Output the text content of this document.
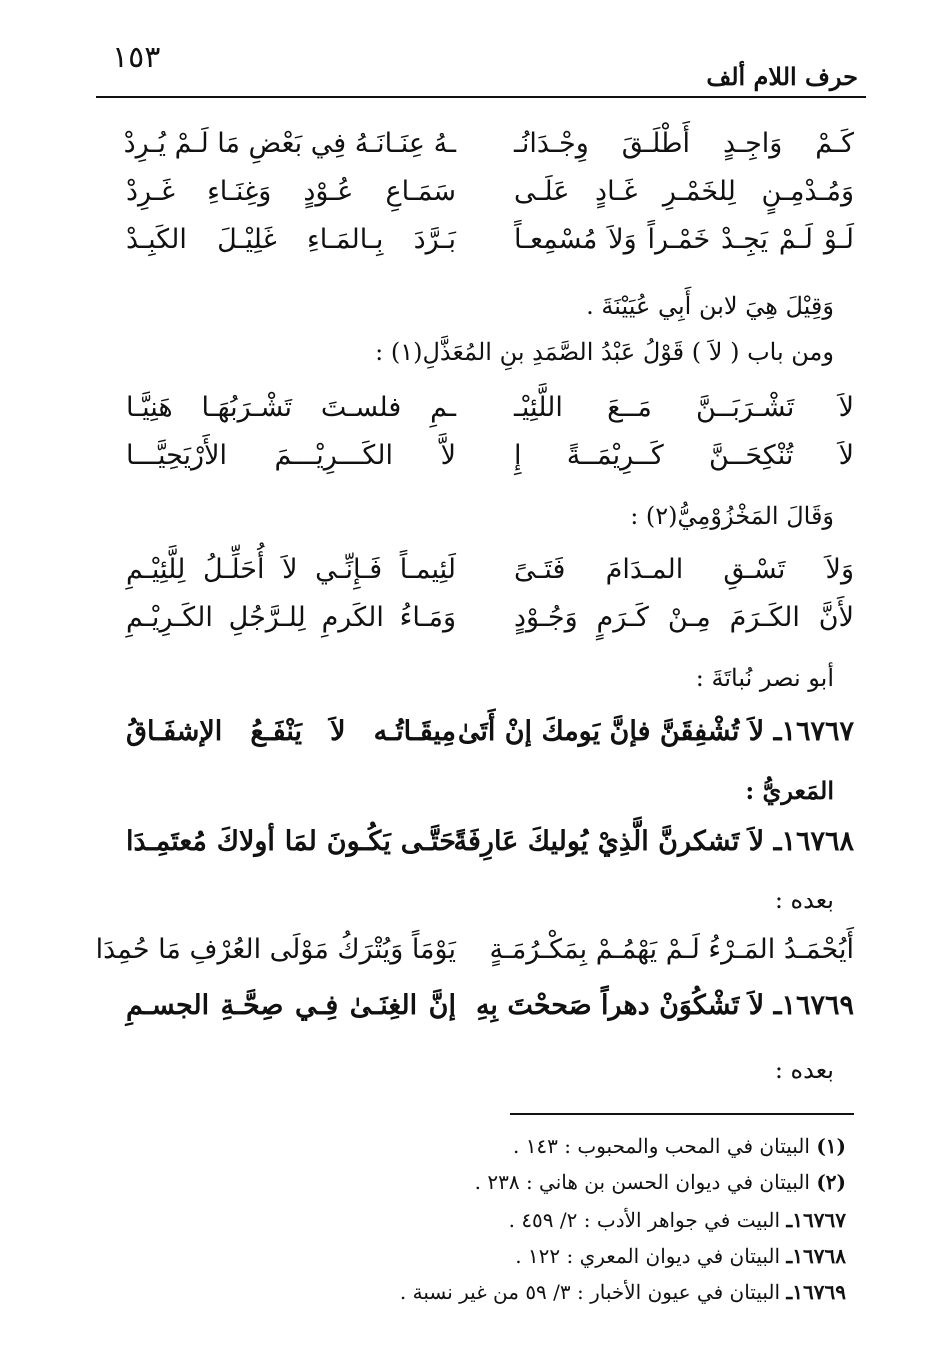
١٥٣
حرف اللام ألف
كَـمْ وَاجِـدٍ أَطْلَـقَ وِجْـدَانُـ
ـهُ عِنَـانَـهُ فِي بَعْضِ مَا لَـمْ يُـرِدْ
وَمُـدْمِـنٍ لِلخَمْـرِ غَـادٍ عَلَـى
سَمَـاعِ عُـوْدٍ وَغِنَـاءِ غَـرِدْ
لَـوْ لَـمْ يَجِـدْ خَمْـراً وَلاَ مُسْمِعـاً
بَـرَّدَ بِـالمَـاءِ غَلِيْـلَ الكَبِـدْ
وَقِيْلَ هِيَ لابن أَبِي عُيَيْنَةَ .
ومن باب ( لاَ ) قَوْلُ عَبْدُ الصَّمَدِ بنِ المُعَذَّلِ(١) :
لاَ تَشْـرَبَــنَّ مَــعَ اللَّئِيْـ
ـمِ فلسـتَ تَشْـرَبُهَـا هَنِيَّـا
لاَ تُنْكِحَــنَّ كَــرِيْمَــةً إِ
لاَّ الكَـــرِيْـــمَ الأَرْيَحِيَّـــا
وَقَالَ المَخْزُوْمِيُّ(٢) :
وَلاَ تَسْـقِ المـدَامَ فَتَـىً
لَئِيمـاً فَـإِنِّـي لاَ أُحَلِّـلُ لِلَّئِيْـمِ
لأَنَّ الكَـرَمَ مِـنْ كَـرَمٍ وَجُـوْدٍ
وَمَـاءُ الكَرمِ لِلـرَّجُلِ الكَـرِيْـمِ
أبو نصر نُباتَةَ :
١٦٧٦٧ـ لاَ تُشْفِقَنَّ فإنَّ يَومكَ إنْ أَتَىٰ
مِيقَـاتُـه لاَ يَنْفَـعُ الإشفَـاقُ
المَعريُّ :
١٦٧٦٨ـ لاَ تَشكرنَّ الَّذِيْ يُوليكَ عَارِفَةً
حَتَّـى يَكُـونَ لمَا أولاكَ مُعتَمِـدَا
بعده :
أَيُحْمَـدُ المَـرْءُ لَـمْ يَهْمُـمْ بِمَكْـرُمَـةٍ
يَوْمَاً وَيُتْرَكُ مَوْلَى العُرْفِ مَا حُمِدَا
١٦٧٦٩ـ لاَ تَشْكُوَنْ دهراً صَححْتَ بِهِ
إنَّ الغِنَـىٰ فِـي صِحَّـةِ الجسـمِ
بعده :
(١) البيتان في المحب والمحبوب : ١٤٣ .
(٢) البيتان في ديوان الحسن بن هاني : ٢٣٨ .
١٦٧٦٧ـ البيت في جواهر الأدب : ٢/ ٤٥٩ .
١٦٧٦٨ـ البيتان في ديوان المعري : ١٢٢ .
١٦٧٦٩ـ البيتان في عيون الأخبار : ٣/ ٥٩ من غير نسبة .
